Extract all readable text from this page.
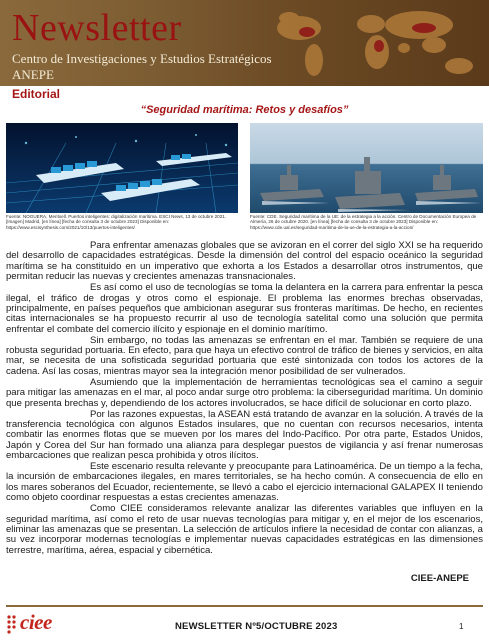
Newsletter
Centro de Investigaciones y Estudios Estratégicos
ANEPE
Editorial
“Seguridad marítima: Retos y desafíos”
Fuente: NOGUERA, Meritxell. Puertos inteligentes: digitalización marítima. ESCI News, 13 de octubre 2021. [Imagen] Madrid, [en línea] [fecha de consulta 3 de octubre 2023] Disponible en: https://www.escisynthesis.com/2021/10/13/puertos-inteligentes/
Fuente: CDE. Seguridad marítima de la UE: de la estrategia a la acción. Centro de Documentación Europea de Almería, 26 de octubre 2020. [en línea] [fecha de consulta 3 de octubre 2023] Disponible en: https://www.cde.ual.es/seguridad-maritima-de-la-ue-de-la-estrategia-a-la-accion/

Para enfrentar amenazas globales que se avizoran en el correr del siglo XXI se ha requerido del desarrollo de capacidades estratégicas. Desde la dimensión del control del espacio oceánico la seguridad marítima se ha constituido en un imperativo que exhorta a los Estados a desarrollar otros instrumentos, que permitan reducir las nuevas y crecientes amenazas transnacionales.

Es así como el uso de tecnologías se toma la delantera en la carrera para enfrentar la pesca ilegal, el tráfico de drogas y otros como el espionaje. El problema las enormes brechas observadas, principalmente, en países pequeños que ambicionan asegurar sus fronteras marítimas. De hecho, en recientes citas internacionales se ha propuesto recurrir al uso de tecnología satelital como una solución que permita enfrentar el combate del comercio ilícito y espionaje en el dominio marítimo.

Sin embargo, no todas las amenazas se enfrentan en el mar. También se requiere de una robusta seguridad portuaria. En efecto, para que haya un efectivo control de tráfico de bienes y servicios, en alta mar, se necesita de una sofisticada seguridad portuaria que esté sintonizada con todos los actores de la cadena. Así las cosas, mientras mayor sea la integración menor posibilidad de ser vulnerados.

Asumiendo que la implementación de herramientas tecnológicas sea el camino a seguir para mitigar las amenazas en el mar, al poco andar surge otro problema: la ciberseguridad marítima. Un dominio que presenta brechas y, dependiendo de los actores involucrados, se hace difícil de solucionar en corto plazo.

Por las razones expuestas, la ASEAN está tratando de avanzar en la solución. A través de la transferencia tecnológica con algunos Estados insulares, que no cuentan con recursos necesarios, intenta combatir las enormes flotas que se mueven por los mares del Indo-Pacífico. Por otra parte, Estados Unidos, Japón y Corea del Sur han formado una alianza para desplegar puestos de vigilancia y así frenar numerosas embarcaciones que realizan pesca prohibida y otros ilícitos.

Este escenario resulta relevante y preocupante para Latinoamérica. De un tiempo a la fecha, la incursión de embarcaciones ilegales, en mares territoriales, se ha hecho común. A consecuencia de ello en los mares soberanos del Ecuador, recientemente, se llevó a cabo el ejercicio internacional GALAPEX II teniendo como objeto coordinar respuestas a estas crecientes amenazas.

Como CIEE consideramos relevante analizar las diferentes variables que influyen en la seguridad marítima, así como el reto de usar nuevas tecnologías para mitigar y, en el mejor de los escenarios, eliminar las amenazas que se presentan. La selección de artículos infiere la necesidad de contar con alianzas, a su vez incorporar modernas tecnologías e implementar nuevas capacidades estratégicas en las dimensiones terrestre, marítima, aérea, espacial y cibernética.

CIEE-ANEPE
ciee	NEWSLETTER Nº5/OCTUBRE 2023	1
